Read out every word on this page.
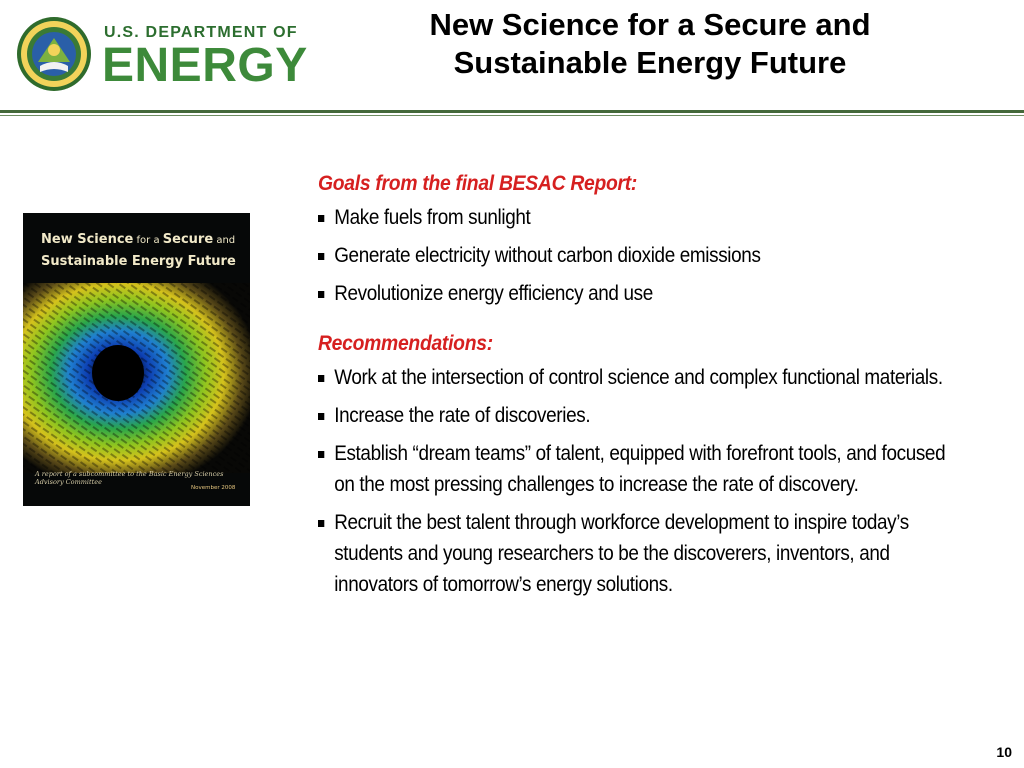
U.S. DEPARTMENT OF
ENERGY
New Science for a Secure and
Sustainable Energy Future
New Science for a Secure and
Sustainable Energy Future
A report of a subcommittee to the Basic Energy Sciences Advisory Committee
November 2008
Goals from the final BESAC Report:
Make fuels from sunlight
Generate electricity without carbon dioxide emissions
Revolutionize energy efficiency and use
Recommendations:
Work at the intersection of control science and complex functional materials.
Increase the rate of discoveries.
Establish “dream teams” of talent, equipped with forefront tools, and focused on the most pressing challenges to increase the rate of discovery.
Recruit the best talent through workforce development to inspire today’s students and young researchers to be the discoverers, inventors, and innovators of tomorrow’s energy solutions.
10
